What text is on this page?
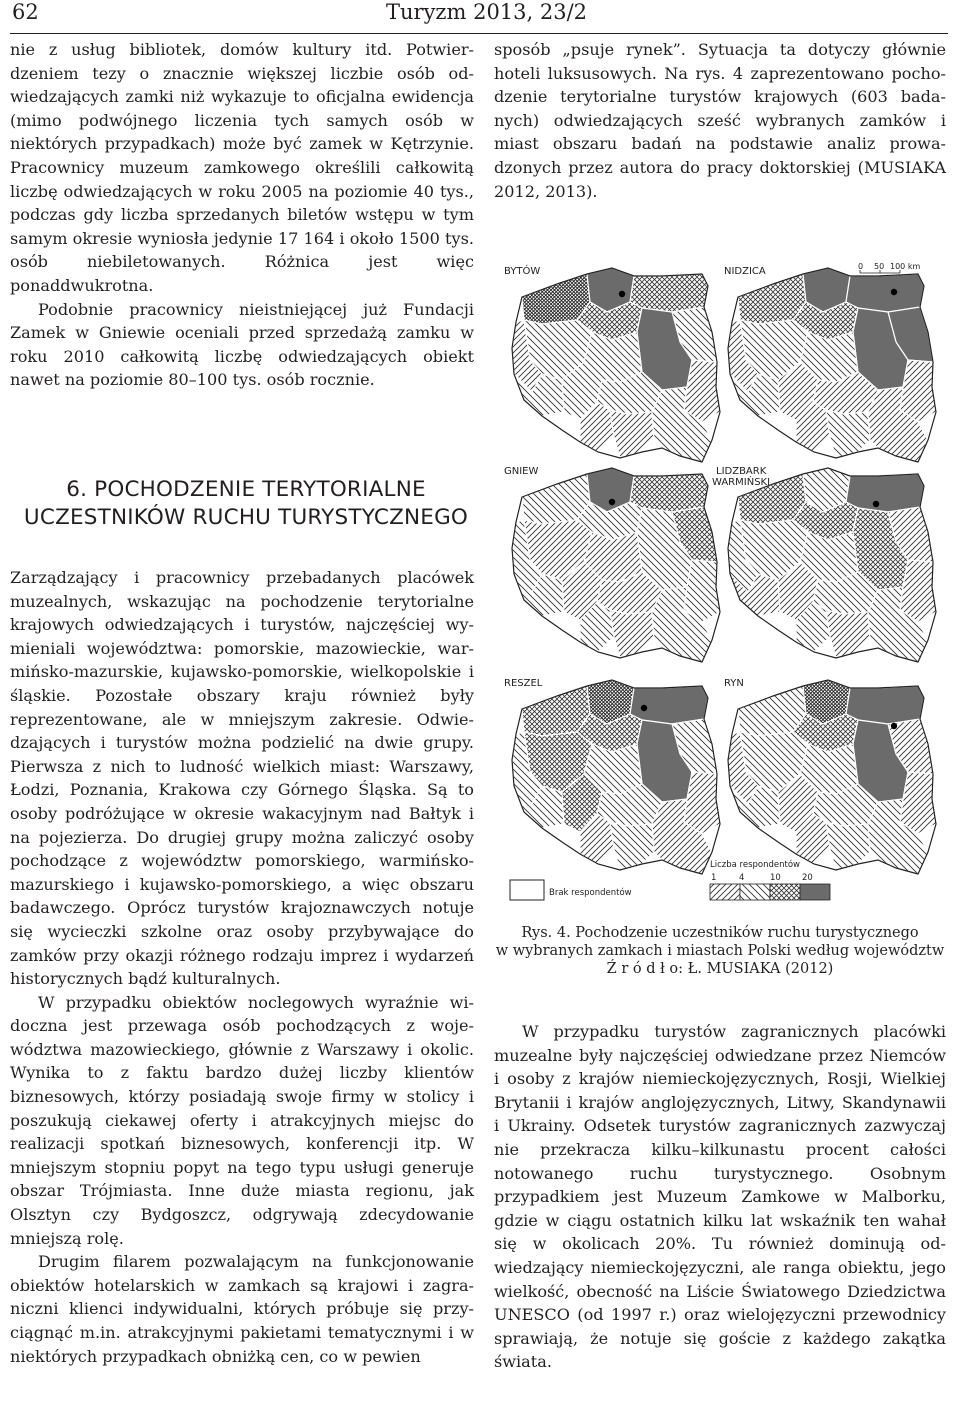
62	Turyzm 2013, 23/2

nie z usług bibliotek, domów kultury itd. Potwierdzeniem tezy o znacznie większej liczbie osób odwiedzających zamki niż wykazuje to oficjalna ewidencja (mimo podwójnego liczenia tych samych osób w niektórych przypadkach) może być zamek w Kętrzynie. Pracownicy muzeum zamkowego określili całkowitą liczbę odwiedzających w roku 2005 na poziomie 40 tys., podczas gdy liczba sprzedanych biletów wstępu w tym samym okresie wyniosła jedynie 17 164 i około 1500 tys. osób niebiletowanych. Różnica jest więc ponaddwukrotna.

Podobnie pracownicy nieistniejącej już Fundacji Zamek w Gniewie oceniali przed sprzedażą zamku w roku 2010 całkowitą liczbę odwiedzających obiekt nawet na poziomie 80–100 tys. osób rocznie.

6. POCHODZENIE TERYTORIALNE
UCZESTNIKÓW RUCHU TURYSTYCZNEGO

Zarządzający i pracownicy przebadanych placówek muzealnych, wskazując na pochodzenie terytorialne krajowych odwiedzających i turystów, najczęściej wymieniali województwa: pomorskie, mazowieckie, warmińsko-mazurskie, kujawsko-pomorskie, wielkopolskie i śląskie. Pozostałe obszary kraju również były reprezentowane, ale w mniejszym zakresie. Odwiedzających i turystów można podzielić na dwie grupy. Pierwsza z nich to ludność wielkich miast: Warszawy, Łodzi, Poznania, Krakowa czy Górnego Śląska. Są to osoby podróżujące w okresie wakacyjnym nad Bałtyk i na pojezierza. Do drugiej grupy można zaliczyć osoby pochodzące z województw pomorskiego, warmińsko-mazurskiego i kujawsko-pomorskiego, a więc obszaru badawczego. Oprócz turystów krajoznawczych notuje się wycieczki szkolne oraz osoby przybywające do zamków przy okazji różnego rodzaju imprez i wydarzeń historycznych bądź kulturalnych.

W przypadku obiektów noclegowych wyraźnie widoczna jest przewaga osób pochodzących z województwa mazowieckiego, głównie z Warszawy i okolic. Wynika to z faktu bardzo dużej liczby klientów biznesowych, którzy posiadają swoje firmy w stolicy i poszukują ciekawej oferty i atrakcyjnych miejsc do realizacji spotkań biznesowych, konferencji itp. W mniejszym stopniu popyt na tego typu usługi generuje obszar Trójmiasta. Inne duże miasta regionu, jak Olsztyn czy Bydgoszcz, odgrywają zdecydowanie mniejszą rolę.

Drugim filarem pozwalającym na funkcjonowanie obiektów hotelarskich w zamkach są krajowi i zagraniczni klienci indywidualni, których próbuje się przyciągnąć m.in. atrakcyjnymi pakietami tematycznymi i w niektórych przypadkach obniżką cen, co w pewien

sposób „psuje rynek”. Sytuacja ta dotyczy głównie hoteli luksusowych. Na rys. 4 zaprezentowano pochodzenie terytorialne turystów krajowych (603 badanych) odwiedzających sześć wybranych zamków i miast obszaru badań na podstawie analiz prowadzonych przez autora do pracy doktorskiej (MUSIAKA 2012, 2013).

BYTÓW	NIDZICA
GNIEW	LIDZBARK
WARMIŃSKI
RESZEL	RYN
0 50 100 km
Brak respondentów
Liczba respondentów
1	4	10 20
Rys. 4. Pochodzenie uczestników ruchu turystycznego
w wybranych zamkach i miastach Polski według województw
Ź r ó d ł o: Ł. MUSIAKA (2012)

W przypadku turystów zagranicznych placówki muzealne były najczęściej odwiedzane przez Niemców i osoby z krajów niemieckojęzycznych, Rosji, Wielkiej Brytanii i krajów anglojęzycznych, Litwy, Skandynawii i Ukrainy. Odsetek turystów zagranicznych zazwyczaj nie przekracza kilku–kilkunastu procent całości notowanego ruchu turystycznego. Osobnym przypadkiem jest Muzeum Zamkowe w Malborku, gdzie w ciągu ostatnich kilku lat wskaźnik ten wahał się w okolicach 20%. Tu również dominują odwiedzający niemieckojęzyczni, ale ranga obiektu, jego wielkość, obecność na Liście Światowego Dziedzictwa UNESCO (od 1997 r.) oraz wielojęzyczni przewodnicy sprawiają, że notuje się goście z każdego zakątka świata.
